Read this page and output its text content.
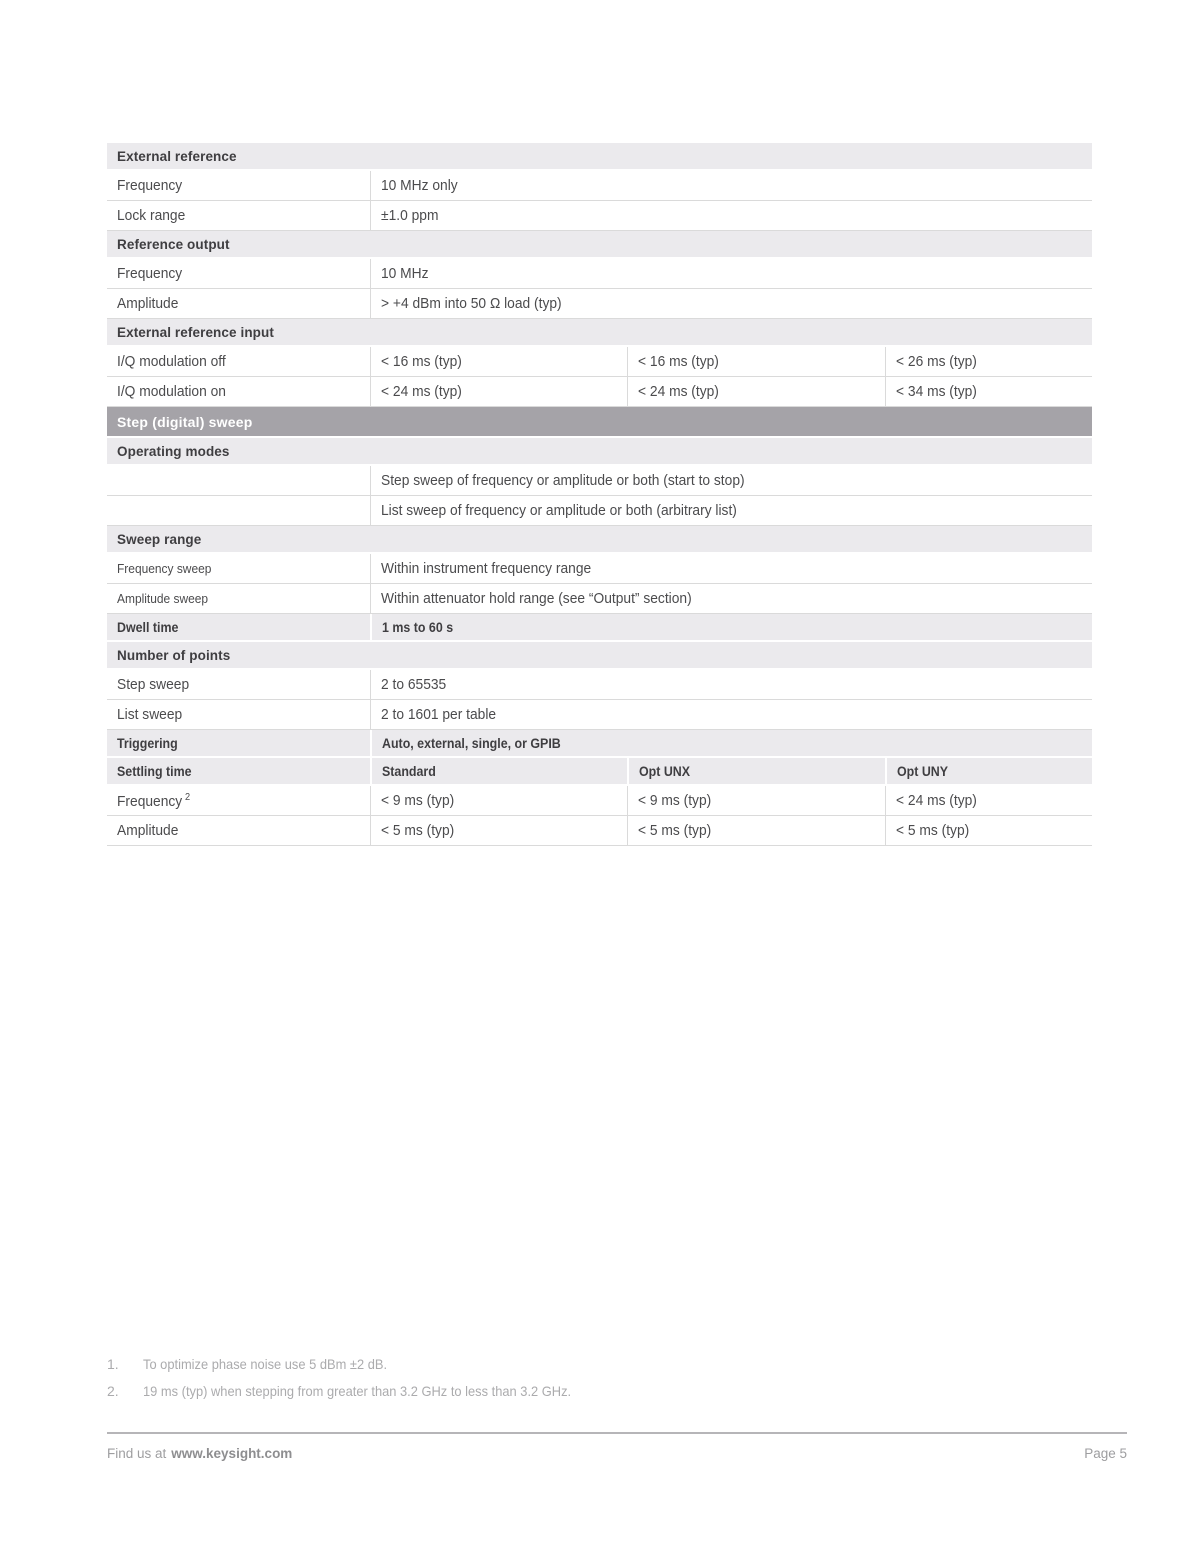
External reference
Frequency	10 MHz only
Lock range	±1.0 ppm
Reference output
Frequency	10 MHz
Amplitude	> +4 dBm into 50 Ω load (typ)
External reference input
I/Q modulation off	< 16 ms (typ)	< 16 ms (typ)	< 26 ms (typ)
I/Q modulation on	< 24 ms (typ)	< 24 ms (typ)	< 34 ms (typ)
Step (digital) sweep
Operating modes
Step sweep of frequency or amplitude or both (start to stop)
List sweep of frequency or amplitude or both (arbitrary list)
Sweep range
Frequency sweep	Within instrument frequency range
Amplitude sweep	Within attenuator hold range (see “Output” section)
Dwell time	1 ms to 60 s
Number of points
Step sweep	2 to 65535
List sweep	2 to 1601 per table
Triggering	Auto, external, single, or GPIB
Settling time	Standard	Opt UNX	Opt UNY
Frequency $^2$	< 9 ms (typ)	< 9 ms (typ)	< 24 ms (typ)
Amplitude	< 5 ms (typ)	< 5 ms (typ)	< 5 ms (typ)
1.	To optimize phase noise use 5 dBm ±2 dB.
2.	19 ms (typ) when stepping from greater than 3.2 GHz to less than 3.2 GHz.
Find us at www.keysight.com	Page 5
